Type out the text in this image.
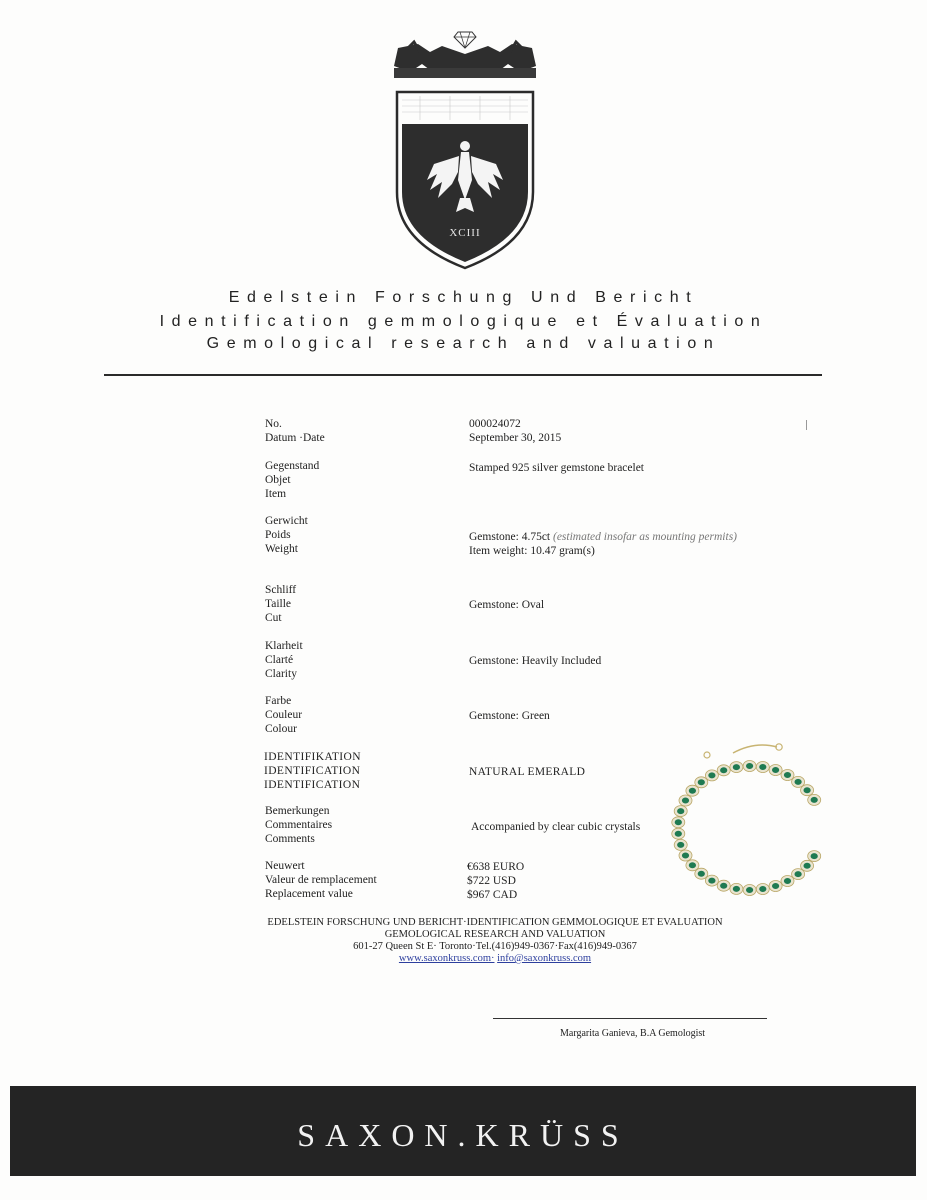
XCIII
Edelstein Forschung Und Bericht
Identification gemmologique et Évaluation
Gemological research and valuation
No.	000024072
Datum ·Date	September 30, 2015
Gegenstand
Objet
Item
Stamped 925 silver gemstone bracelet
Gerwicht
Poids
Weight
Gemstone: 4.75ct (estimated insofar as mounting permits)
Item weight: 10.47 gram(s)
Schliff
Taille
Cut
Gemstone: Oval
Klarheit
Clarté
Clarity
Gemstone: Heavily Included
Farbe
Couleur
Colour
Gemstone: Green
IDENTIFIKATION
IDENTIFICATION
IDENTIFICATION
NATURAL EMERALD
Bemerkungen
Commentaires
Comments
Accompanied by clear cubic crystals
Neuwert
Valeur de remplacement
Replacement value
€638 EURO
$722 USD
$967 CAD
EDELSTEIN FORSCHUNG UND BERICHT·IDENTIFICATION GEMMOLOGIQUE ET EVALUATION
GEMOLOGICAL RESEARCH AND VALUATION
601-27 Queen St E· Toronto·Tel.(416)949-0367·Fax(416)949-0367
www.saxonkruss.com· info@saxonkruss.com
Margarita Ganieva, B.A Gemologist
SAXON.KRÜSS
